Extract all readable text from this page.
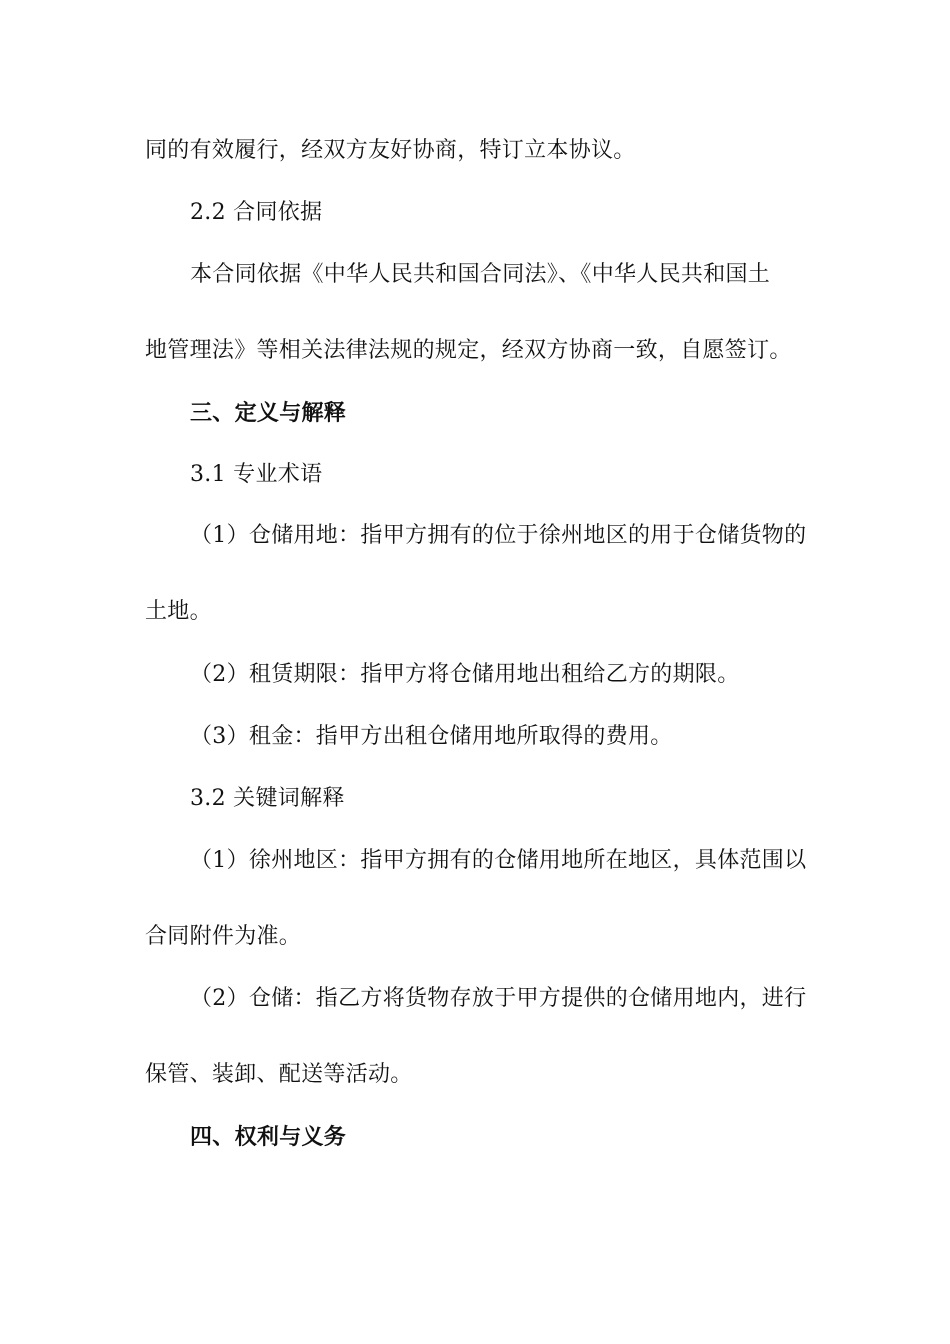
同的有效履行，经双方友好协商，特订立本协议。
2.2 合同依据
本合同依据《中华人民共和国合同法》、《中华人民共和国土
地管理法》等相关法律法规的规定，经双方协商一致，自愿签订。
三、定义与解释
3.1 专业术语
（1）仓储用地：指甲方拥有的位于徐州地区的用于仓储货物的
土地。
（2）租赁期限：指甲方将仓储用地出租给乙方的期限。
（3）租金：指甲方出租仓储用地所取得的费用。
3.2 关键词解释
（1）徐州地区：指甲方拥有的仓储用地所在地区，具体范围以
合同附件为准。
（2）仓储：指乙方将货物存放于甲方提供的仓储用地内，进行
保管、装卸、配送等活动。
四、权利与义务
